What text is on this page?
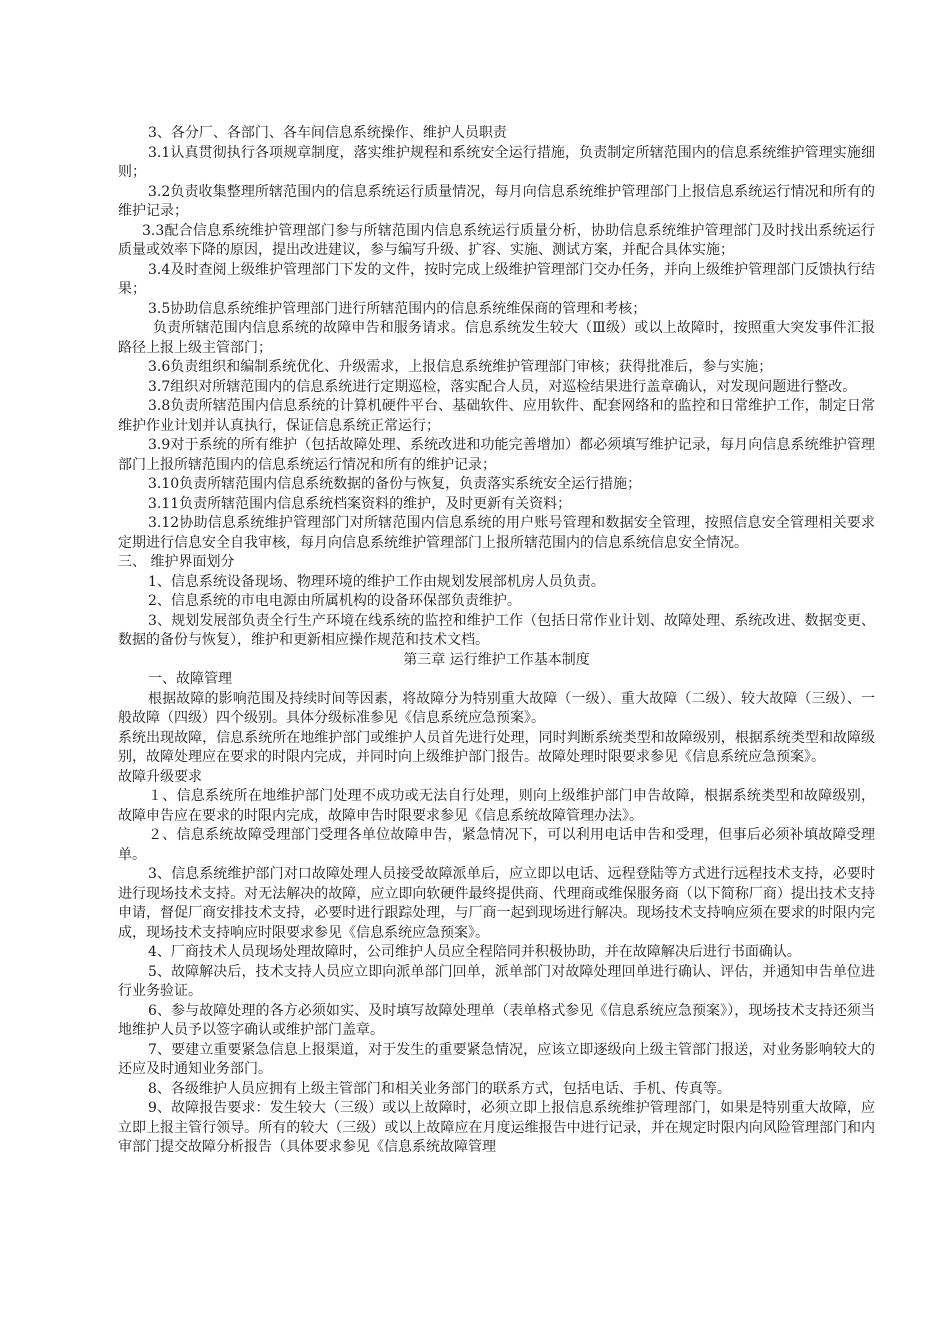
3、各分厂、各部门、各车间信息系统操作、维护人员职责

3.1认真贯彻执行各项规章制度，落实维护规程和系统安全运行措施，负责制定所辖范围内的信息系统维护管理实施细则；

3.2负责收集整理所辖范围内的信息系统运行质量情况，每月向信息系统维护管理部门上报信息系统运行情况和所有的维护记录；

3.3配合信息系统维护管理部门参与所辖范围内信息系统运行质量分析，协助信息系统维护管理部门及时找出系统运行质量或效率下降的原因，提出改进建议，参与编写升级、扩容、实施、测试方案，并配合具体实施；

3.4及时查阅上级维护管理部门下发的文件，按时完成上级维护管理部门交办任务，并向上级维护管理部门反馈执行结果；

3.5协助信息系统维护管理部门进行所辖范围内的信息系统维保商的管理和考核；

负责所辖范围内信息系统的故障申告和服务请求。信息系统发生较大（Ⅲ级）或以上故障时，按照重大突发事件汇报路径上报上级主管部门；

3.6负责组织和编制系统优化、升级需求，上报信息系统维护管理部门审核；获得批准后，参与实施；

3.7组织对所辖范围内的信息系统进行定期巡检，落实配合人员，对巡检结果进行盖章确认，对发现问题进行整改。

3.8负责所辖范围内信息系统的计算机硬件平台、基础软件、应用软件、配套网络和的监控和日常维护工作，制定日常维护作业计划并认真执行，保证信息系统正常运行；

3.9对于系统的所有维护（包括故障处理、系统改进和功能完善增加）都必须填写维护记录，每月向信息系统维护管理部门上报所辖范围内的信息系统运行情况和所有的维护记录；

3.10负责所辖范围内信息系统数据的备份与恢复，负责落实系统安全运行措施；

3.11负责所辖范围内信息系统档案资料的维护，及时更新有关资料；

3.12协助信息系统维护管理部门对所辖范围内信息系统的用户账号管理和数据安全管理，按照信息安全管理相关要求定期进行信息安全自我审核，每月向信息系统维护管理部门上报所辖范围内的信息系统信息安全情况。

三、 维护界面划分

1、信息系统设备现场、物理环境的维护工作由规划发展部机房人员负责。

2、信息系统的市电电源由所属机构的设备环保部负责维护。

3、规划发展部负责全行生产环境在线系统的监控和维护工作（包括日常作业计划、故障处理、系统改进、数据变更、数据的备份与恢复），维护和更新相应操作规范和技术文档。

第三章 运行维护工作基本制度

一、故障管理

根据故障的影响范围及持续时间等因素，将故障分为特别重大故障（一级）、重大故障（二级）、较大故障（三级）、一般故障（四级）四个级别。具体分级标准参见《信息系统应急预案》。

系统出现故障，信息系统所在地维护部门或维护人员首先进行处理，同时判断系统类型和故障级别，根据系统类型和故障级别，故障处理应在要求的时限内完成，并同时向上级维护部门报告。故障处理时限要求参见《信息系统应急预案》。

故障升级要求

１、信息系统所在地维护部门处理不成功或无法自行处理，则向上级维护部门申告故障，根据系统类型和故障级别，故障申告应在要求的时限内完成，故障申告时限要求参见《信息系统故障管理办法》。

２、信息系统故障受理部门受理各单位故障申告，紧急情况下，可以利用电话申告和受理，但事后必须补填故障受理单。

3、信息系统维护部门对口故障处理人员接受故障派单后，应立即以电话、远程登陆等方式进行远程技术支持，必要时进行现场技术支持。对无法解决的故障，应立即向软硬件最终提供商、代理商或维保服务商（以下简称厂商）提出技术支持申请，督促厂商安排技术支持，必要时进行跟踪处理，与厂商一起到现场进行解决。现场技术支持响应须在要求的时限内完成，现场技术支持响应时限要求参见《信息系统应急预案》。

4、厂商技术人员现场处理故障时，公司维护人员应全程陪同并积极协助，并在故障解决后进行书面确认。

5、故障解决后，技术支持人员应立即向派单部门回单，派单部门对故障处理回单进行确认、评估，并通知申告单位进行业务验证。

6、参与故障处理的各方必须如实、及时填写故障处理单（表单格式参见《信息系统应急预案》），现场技术支持还须当地维护人员予以签字确认或维护部门盖章。

7、要建立重要紧急信息上报渠道，对于发生的重要紧急情况，应该立即逐级向上级主管部门报送，对业务影响较大的还应及时通知业务部门。

8、各级维护人员应拥有上级主管部门和相关业务部门的联系方式，包括电话、手机、传真等。

9、故障报告要求：发生较大（三级）或以上故障时，必须立即上报信息系统维护管理部门，如果是特别重大故障，应立即上报主管行领导。所有的较大（三级）或以上故障应在月度运维报告中进行记录，并在规定时限内向风险管理部门和内审部门提交故障分析报告（具体要求参见《信息系统故障管理
